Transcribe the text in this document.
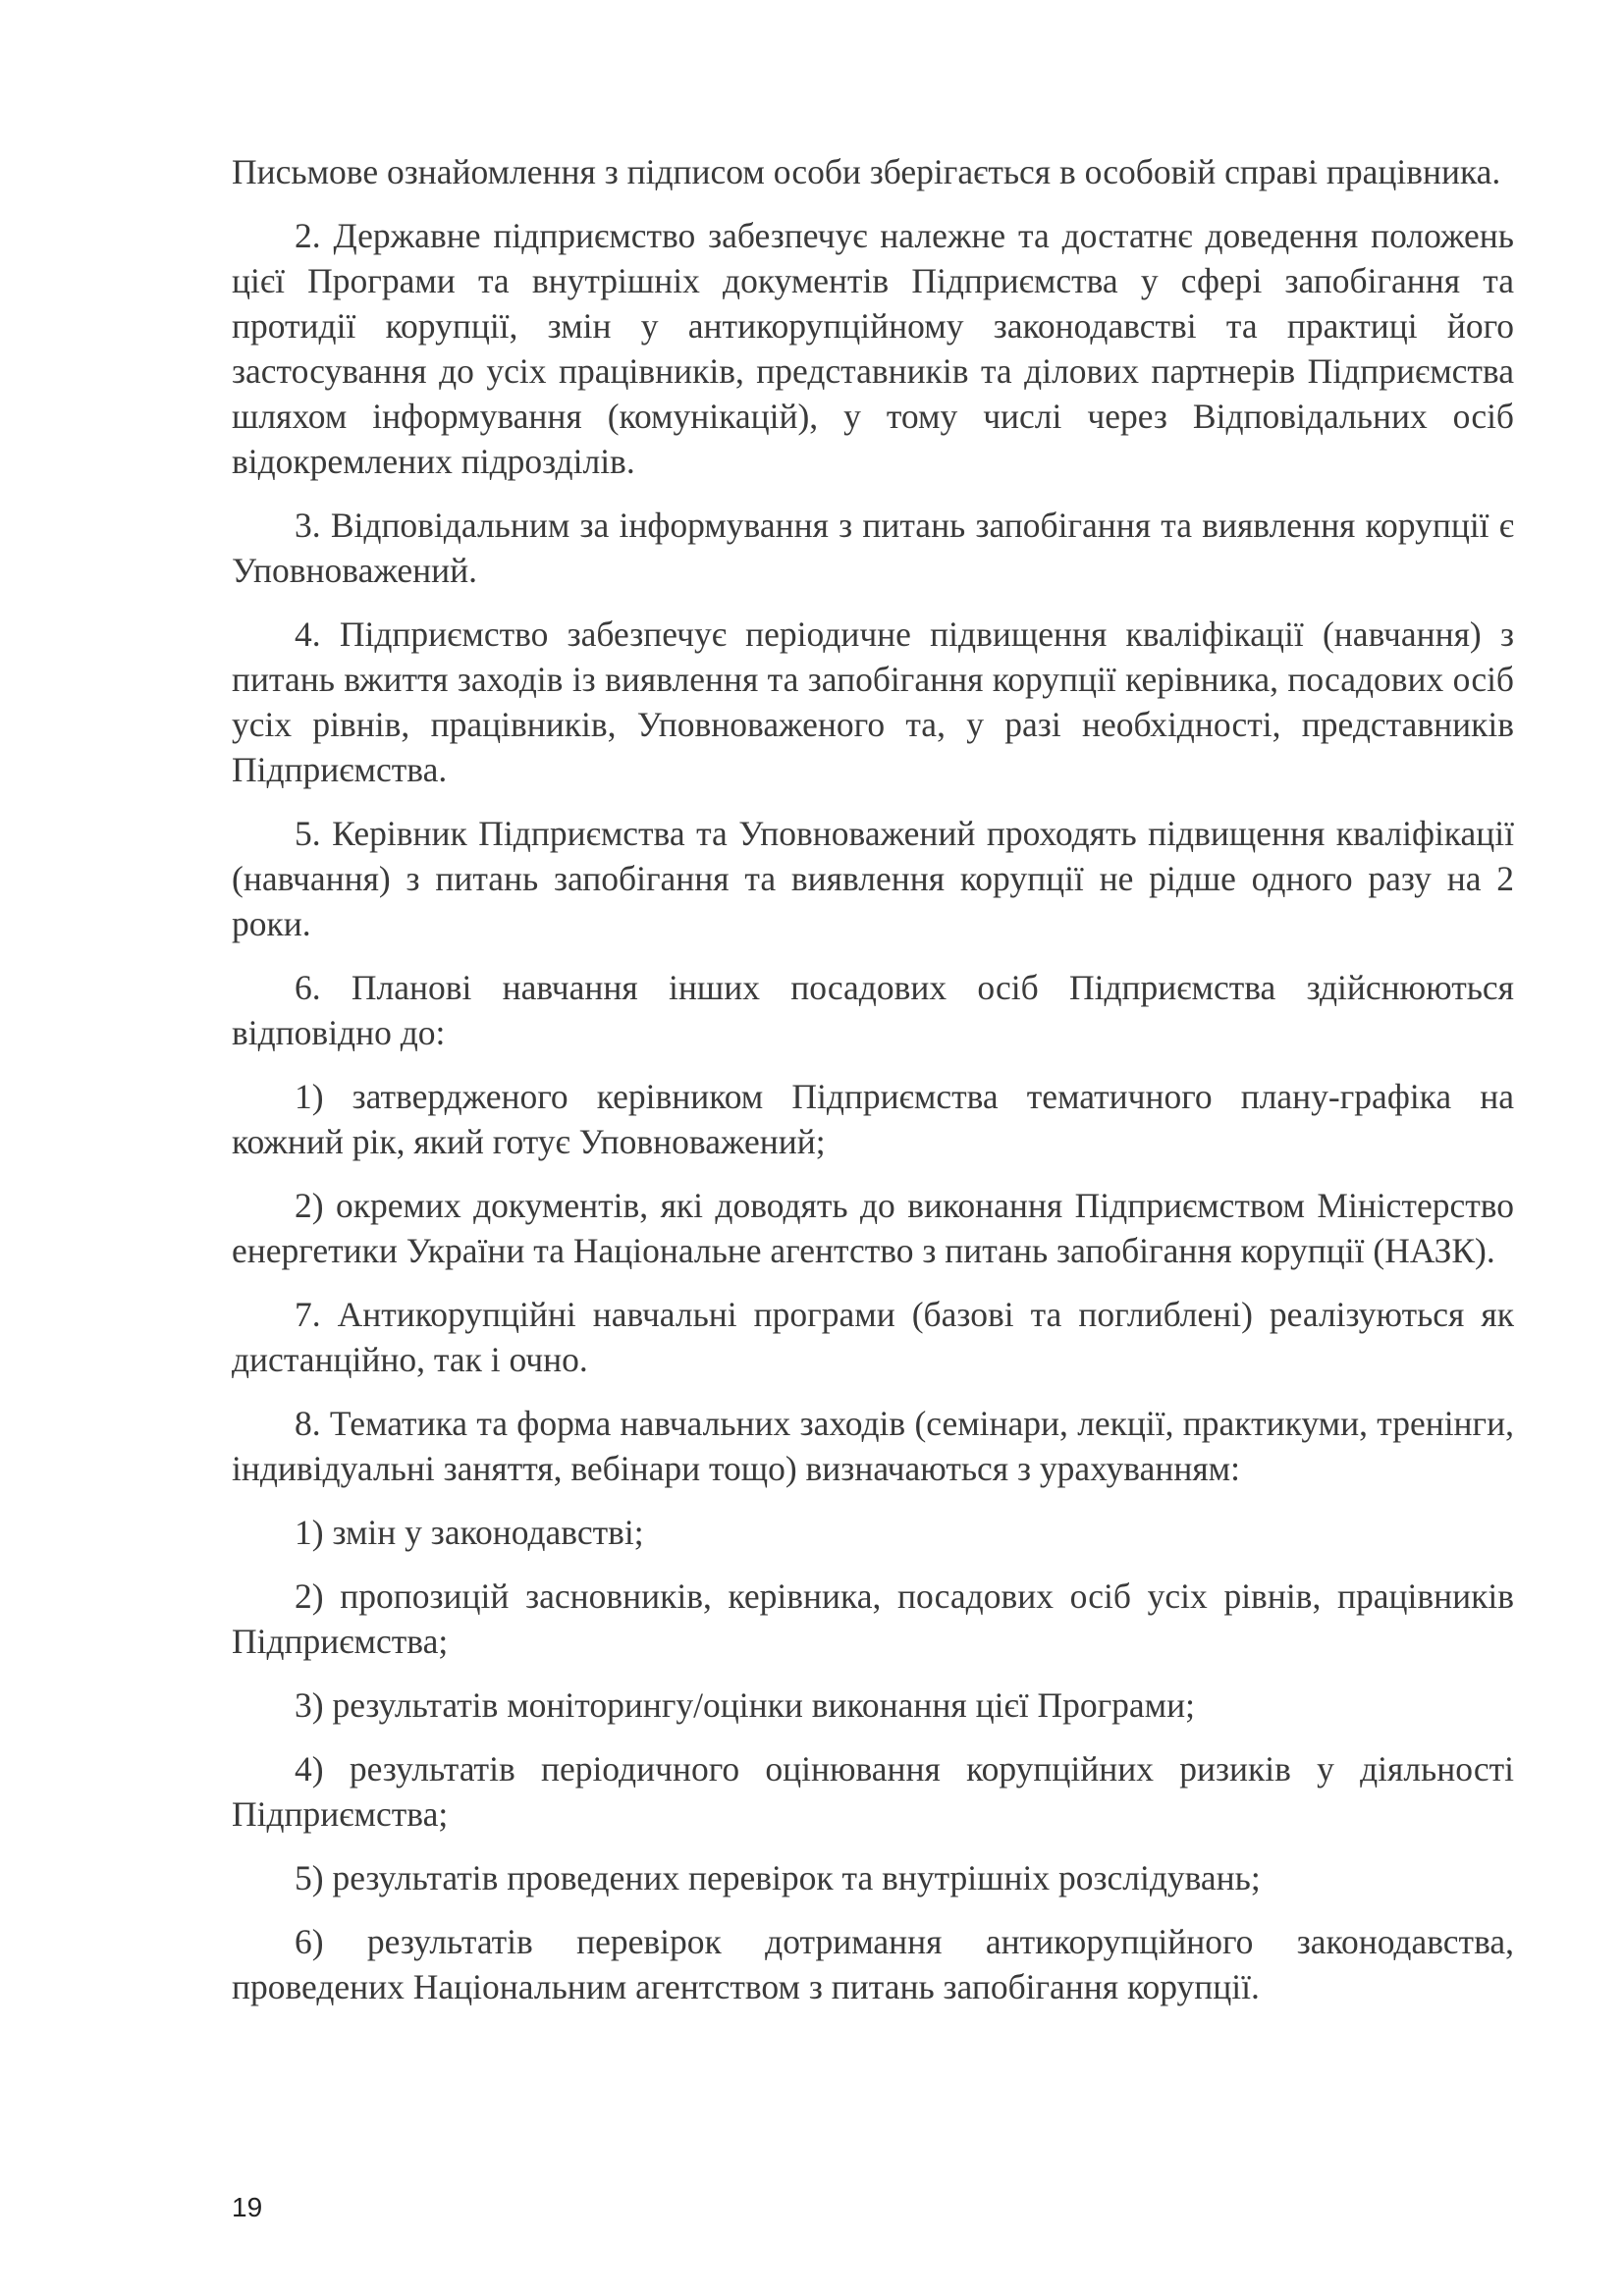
Письмове ознайомлення з підписом особи зберігається в особовій справі працівника.

2. Державне підприємство забезпечує належне та достатнє доведення положень цієї Програми та внутрішніх документів Підприємства у сфері запобігання та протидії корупції, змін у антикорупційному законодавстві та практиці його застосування до усіх працівників, представників та ділових партнерів Підприємства шляхом інформування (комунікацій), у тому числі через Відповідальних осіб відокремлених підрозділів.

3. Відповідальним за інформування з питань запобігання та виявлення корупції є Уповноважений.

4. Підприємство забезпечує періодичне підвищення кваліфікації (навчання) з питань вжиття заходів із виявлення та запобігання корупції керівника, посадових осіб усіх рівнів, працівників, Уповноваженого та, у разі необхідності, представників Підприємства.

5. Керівник Підприємства та Уповноважений проходять підвищення кваліфікації (навчання) з питань запобігання та виявлення корупції не рідше одного разу на 2 роки.

6. Планові навчання інших посадових осіб Підприємства здійснюються відповідно до:

1) затвердженого керівником Підприємства тематичного плану-графіка на кожний рік, який готує Уповноважений;

2) окремих документів, які доводять до виконання Підприємством Міністерство енергетики України та Національне агентство з питань запобігання корупції (НАЗК).

7. Антикорупційні навчальні програми (базові та поглиблені) реалізуються як дистанційно, так і очно.

8. Тематика та форма навчальних заходів (семінари, лекції, практикуми, тренінги, індивідуальні заняття, вебінари тощо) визначаються з урахуванням:

1) змін у законодавстві;

2) пропозицій засновників, керівника, посадових осіб усіх рівнів, працівників Підприємства;

3) результатів моніторингу/оцінки виконання цієї Програми;

4) результатів періодичного оцінювання корупційних ризиків у діяльності Підприємства;

5) результатів проведених перевірок та внутрішніх розслідувань;

6) результатів перевірок дотримання антикорупційного законодавства, проведених Національним агентством з питань запобігання корупції.

19
